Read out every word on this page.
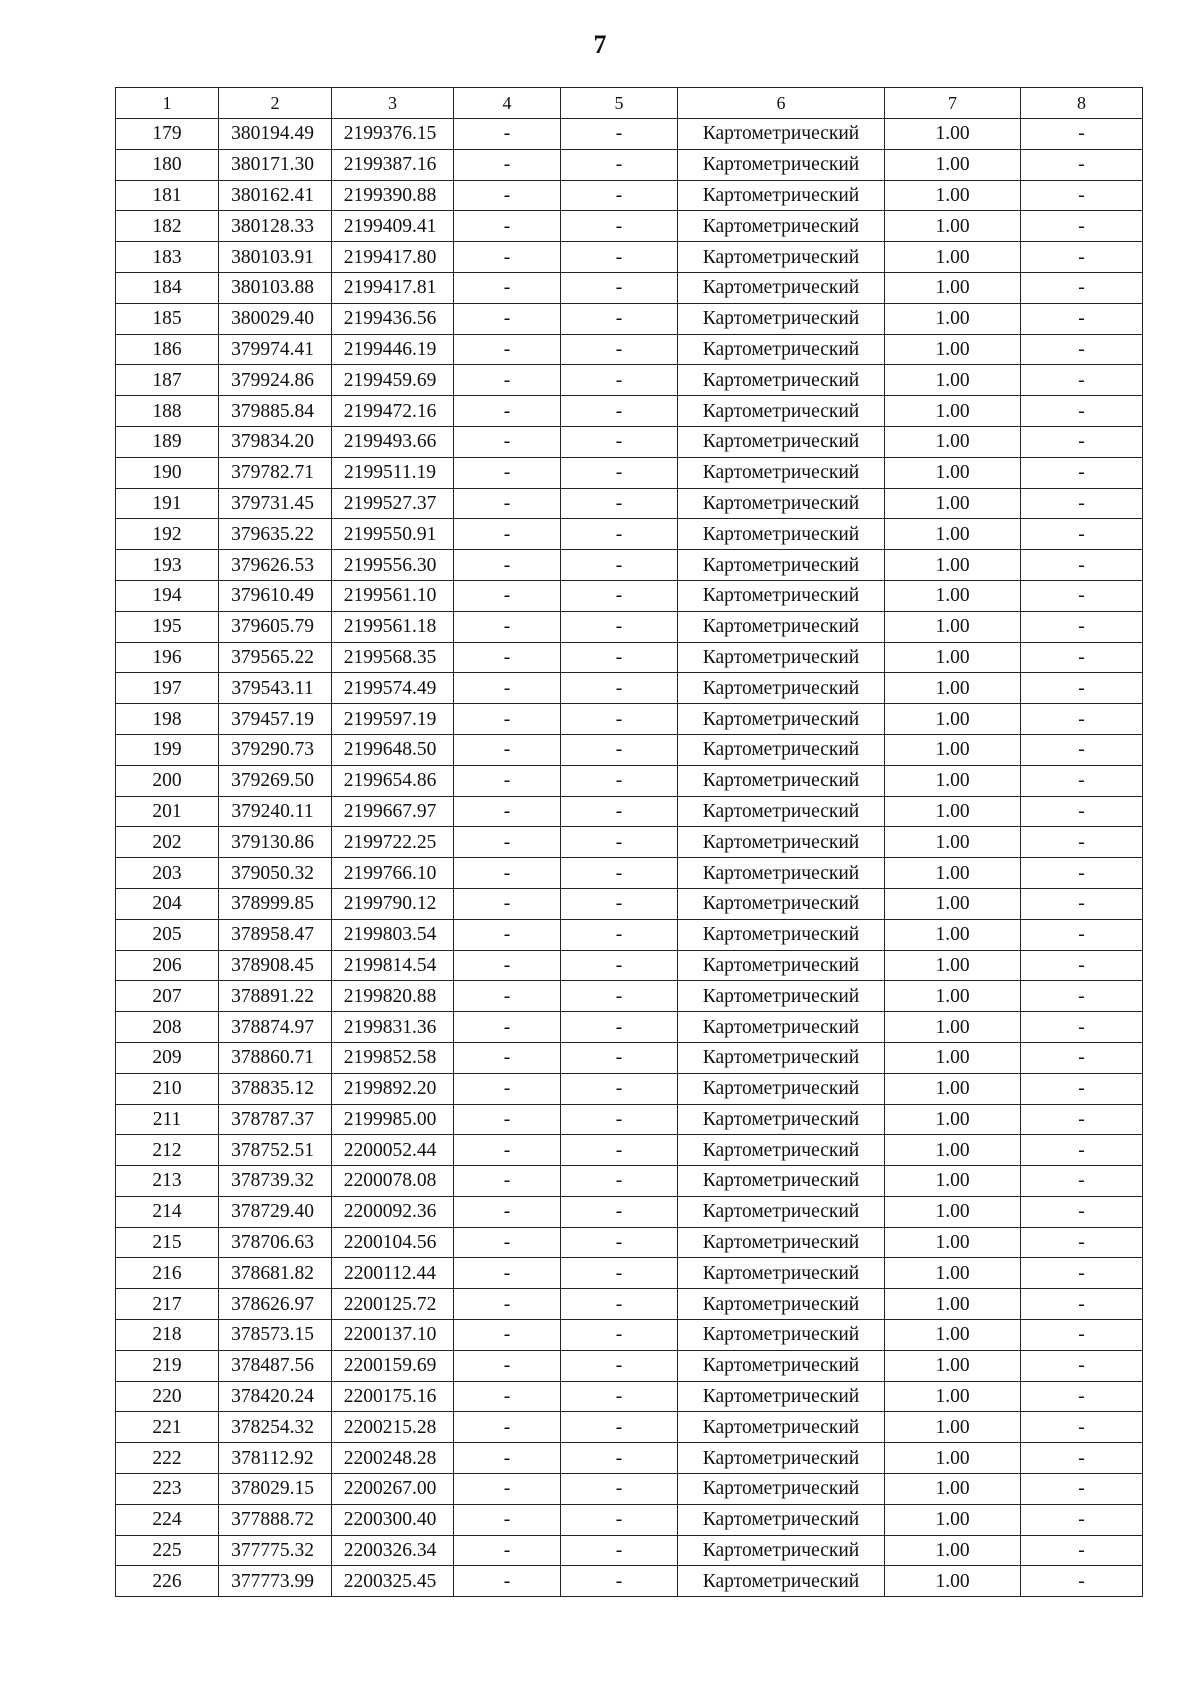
7
1	2	3	4	5	6	7	8
179	380194.49	2199376.15	-	-	Картометрический	1.00	-
180	380171.30	2199387.16	-	-	Картометрический	1.00	-
181	380162.41	2199390.88	-	-	Картометрический	1.00	-
182	380128.33	2199409.41	-	-	Картометрический	1.00	-
183	380103.91	2199417.80	-	-	Картометрический	1.00	-
184	380103.88	2199417.81	-	-	Картометрический	1.00	-
185	380029.40	2199436.56	-	-	Картометрический	1.00	-
186	379974.41	2199446.19	-	-	Картометрический	1.00	-
187	379924.86	2199459.69	-	-	Картометрический	1.00	-
188	379885.84	2199472.16	-	-	Картометрический	1.00	-
189	379834.20	2199493.66	-	-	Картометрический	1.00	-
190	379782.71	2199511.19	-	-	Картометрический	1.00	-
191	379731.45	2199527.37	-	-	Картометрический	1.00	-
192	379635.22	2199550.91	-	-	Картометрический	1.00	-
193	379626.53	2199556.30	-	-	Картометрический	1.00	-
194	379610.49	2199561.10	-	-	Картометрический	1.00	-
195	379605.79	2199561.18	-	-	Картометрический	1.00	-
196	379565.22	2199568.35	-	-	Картометрический	1.00	-
197	379543.11	2199574.49	-	-	Картометрический	1.00	-
198	379457.19	2199597.19	-	-	Картометрический	1.00	-
199	379290.73	2199648.50	-	-	Картометрический	1.00	-
200	379269.50	2199654.86	-	-	Картометрический	1.00	-
201	379240.11	2199667.97	-	-	Картометрический	1.00	-
202	379130.86	2199722.25	-	-	Картометрический	1.00	-
203	379050.32	2199766.10	-	-	Картометрический	1.00	-
204	378999.85	2199790.12	-	-	Картометрический	1.00	-
205	378958.47	2199803.54	-	-	Картометрический	1.00	-
206	378908.45	2199814.54	-	-	Картометрический	1.00	-
207	378891.22	2199820.88	-	-	Картометрический	1.00	-
208	378874.97	2199831.36	-	-	Картометрический	1.00	-
209	378860.71	2199852.58	-	-	Картометрический	1.00	-
210	378835.12	2199892.20	-	-	Картометрический	1.00	-
211	378787.37	2199985.00	-	-	Картометрический	1.00	-
212	378752.51	2200052.44	-	-	Картометрический	1.00	-
213	378739.32	2200078.08	-	-	Картометрический	1.00	-
214	378729.40	2200092.36	-	-	Картометрический	1.00	-
215	378706.63	2200104.56	-	-	Картометрический	1.00	-
216	378681.82	2200112.44	-	-	Картометрический	1.00	-
217	378626.97	2200125.72	-	-	Картометрический	1.00	-
218	378573.15	2200137.10	-	-	Картометрический	1.00	-
219	378487.56	2200159.69	-	-	Картометрический	1.00	-
220	378420.24	2200175.16	-	-	Картометрический	1.00	-
221	378254.32	2200215.28	-	-	Картометрический	1.00	-
222	378112.92	2200248.28	-	-	Картометрический	1.00	-
223	378029.15	2200267.00	-	-	Картометрический	1.00	-
224	377888.72	2200300.40	-	-	Картометрический	1.00	-
225	377775.32	2200326.34	-	-	Картометрический	1.00	-
226	377773.99	2200325.45	-	-	Картометрический	1.00	-
